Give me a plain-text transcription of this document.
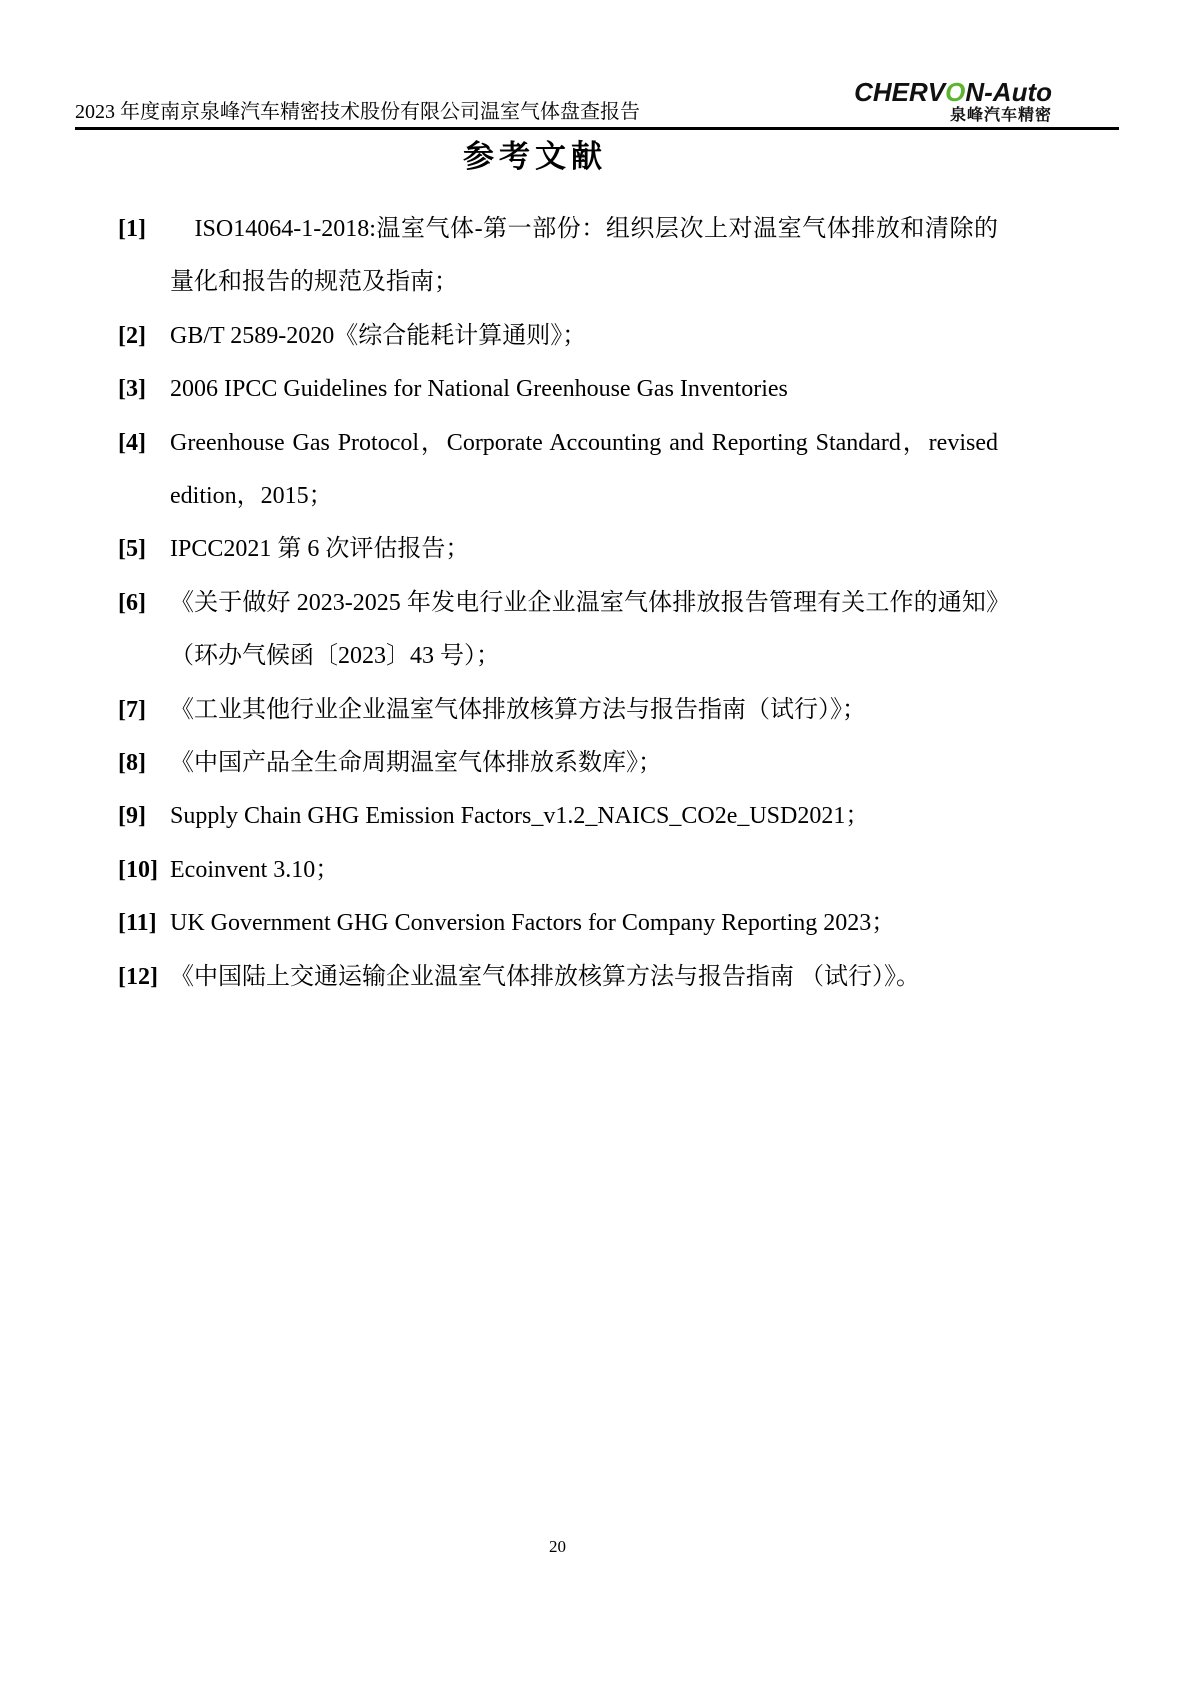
2023 年度南京泉峰汽车精密技术股份有限公司温室气体盘查报告
CHERVON-Auto
泉峰汽车精密
参考文献
[1]	　ISO14064-1-2018:温室气体-第一部份：组织层次上对温室气体排放和清除的量化和报告的规范及指南；
[2]	GB/T 2589-2020《综合能耗计算通则》；
[3]	2006 IPCC Guidelines for National Greenhouse Gas Inventories
[4]	Greenhouse Gas Protocol，Corporate Accounting and Reporting Standard，revised edition，2015；
[5]	IPCC2021 第 6 次评估报告；
[6]	《关于做好 2023-2025 年发电行业企业温室气体排放报告管理有关工作的通知》（环办气候函〔2023〕43 号）；
[7]	《工业其他行业企业温室气体排放核算方法与报告指南（试行）》；
[8]	《中国产品全生命周期温室气体排放系数库》；
[9]	Supply Chain GHG Emission Factors_v1.2_NAICS_CO2e_USD2021；
[10] Ecoinvent 3.10；
[11] UK Government GHG Conversion Factors for Company Reporting 2023；
[12] 《中国陆上交通运输企业温室气体排放核算方法与报告指南 （试行）》。
20
